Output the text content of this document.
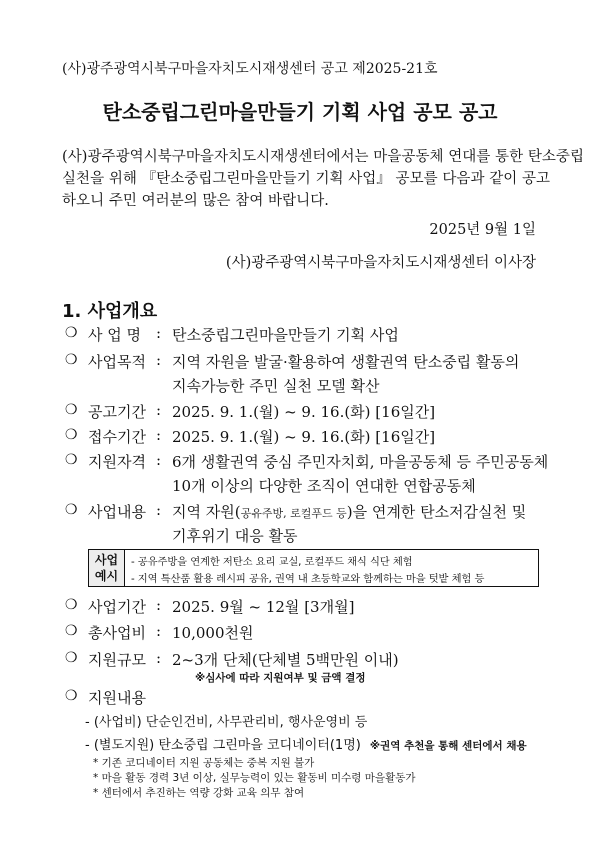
(사)광주광역시북구마을자치도시재생센터 공고 제2025-21호
탄소중립그린마을만들기 기획 사업 공모 공고
(사)광주광역시북구마을자치도시재생센터에서는 마을공동체 연대를 통한 탄소중립
실천을 위해 『탄소중립그린마을만들기 기획 사업』 공모를 다음과 같이 공고
하오니 주민 여러분의 많은 참여 바랍니다.
2025년 9월 1일
(사)광주광역시북구마을자치도시재생센터 이사장
1. 사업개요
❍ 사 업 명 : 탄소중립그린마을만들기 기획 사업
❍ 사업목적 : 지역 자원을 발굴·활용하여 생활권역 탄소중립 활동의
지속가능한 주민 실천 모델 확산
❍ 공고기간 : 2025. 9. 1.(월) ~ 9. 16.(화) [16일간]
❍ 접수기간 : 2025. 9. 1.(월) ~ 9. 16.(화) [16일간]
❍ 지원자격 : 6개 생활권역 중심 주민자치회, 마을공동체 등 주민공동체
10개 이상의 다양한 조직이 연대한 연합공동체
❍ 사업내용 : 지역 자원(공유주방, 로컬푸드 등)을 연계한 탄소저감실천 및
기후위기 대응 활동
사업
예시
- 공유주방을 연계한 저탄소 요리 교실, 로컬푸드 채식 식단 체험
- 지역 특산품 활용 레시피 공유, 권역 내 초등학교와 함께하는 마을 텃밭 체험 등
❍ 사업기간 : 2025. 9월 ~ 12월 [3개월]
❍ 총사업비 : 10,000천원
❍ 지원규모 : 2~3개 단체(단체별 5백만원 이내)
※심사에 따라 지원여부 및 금액 결정
❍ 지원내용
- (사업비) 단순인건비, 사무관리비, 행사운영비 등
- (별도지원) 탄소중립 그린마을 코디네이터(1명) ※권역 추천을 통해 센터에서 채용
* 기존 코디네이터 지원 공동체는 중복 지원 불가
* 마을 활동 경력 3년 이상, 실무능력이 있는 활동비 미수령 마을활동가
* 센터에서 추진하는 역량 강화 교육 의무 참여
